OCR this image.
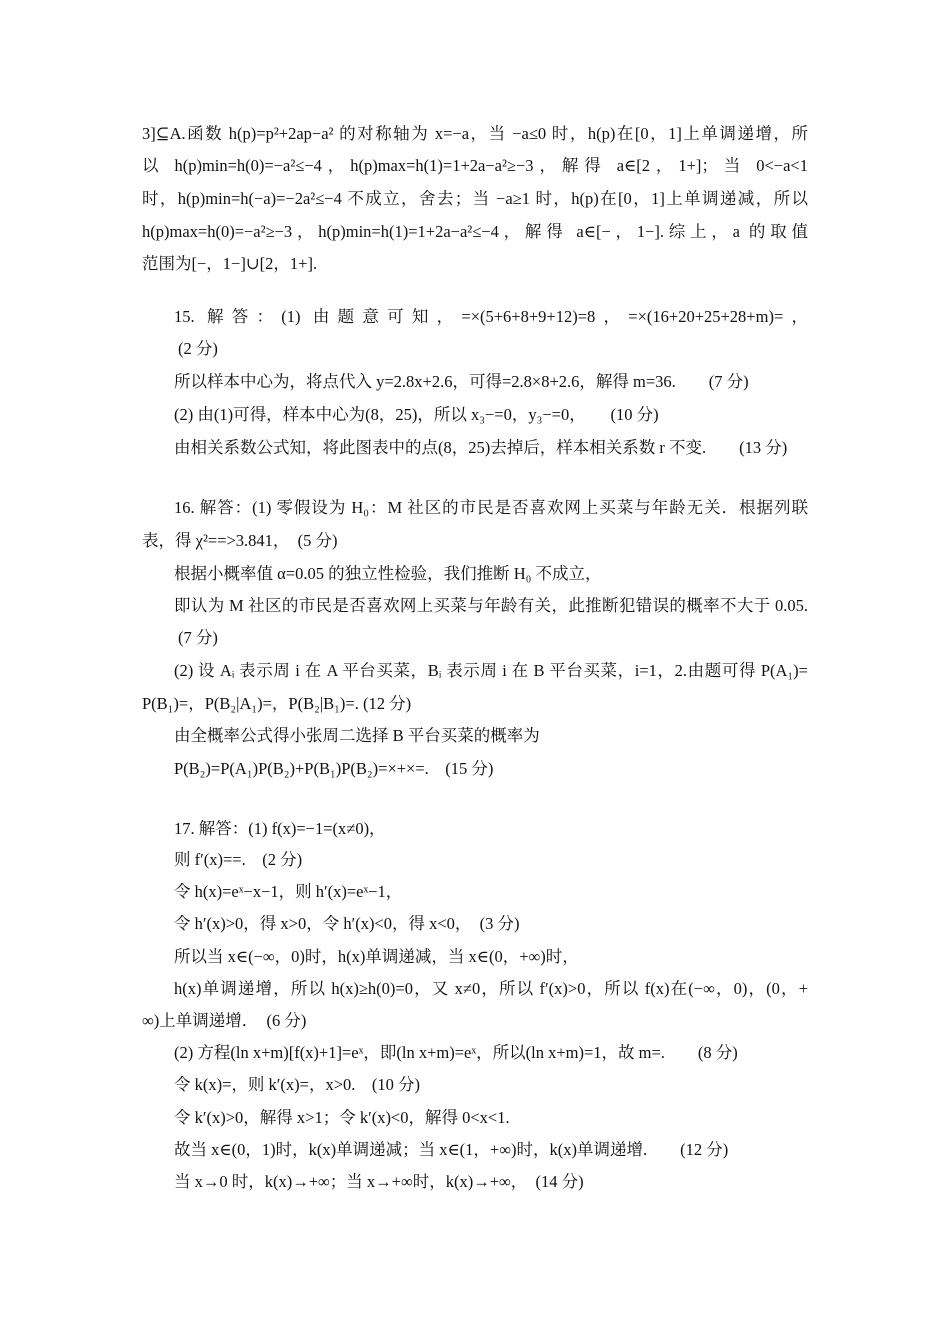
3]⊆A.函数 h(p)=p²+2ap−a² 的对称轴为 x=−a，当 −a≤0 时，h(p)在[0，1]上单调递增，所
以 h(p)min=h(0)=−a²≤−4，h(p)max=h(1)=1+2a−a²≥−3，解得 a∈[2，1+]；当 0<−a<1
时，h(p)min=h(−a)=−2a²≤−4 不成立，舍去；当 −a≥1 时，h(p)在[0，1]上单调递减，所以
h(p)max=h(0)=−a²≥−3，h(p)min=h(1)=1+2a−a²≤−4，解得 a∈[−，1−].综上，a 的取值
范围为[−，1−]∪[2，1+].
15. 解答：(1) 由题意可知，=×(5+6+8+9+12)=8，=×(16+20+25+28+m)=，
(2 分)
所以样本中心为，将点代入 y=2.8x+2.6，可得=2.8×8+2.6，解得 m=36.　　(7 分)
(2) 由(1)可得，样本中心为(8，25)，所以 x₃−=0，y₃−=0，　　(10 分)
由相关系数公式知，将此图表中的点(8，25)去掉后，样本相关系数 r 不变.　　(13 分)
16. 解答：(1) 零假设为 H₀：M 社区的市民是否喜欢网上买菜与年龄无关．根据列联
表，得 χ²==>3.841，　(5 分)
根据小概率值 α=0.05 的独立性检验，我们推断 H₀ 不成立，
即认为 M 社区的市民是否喜欢网上买菜与年龄有关，此推断犯错误的概率不大于 0.05.
(7 分)
(2) 设 Aᵢ 表示周 i 在 A 平台买菜，Bᵢ 表示周 i 在 B 平台买菜，i=1，2.由题可得 P(A₁)=
P(B₁)=，P(B₂|A₁)=，P(B₂|B₁)=. (12 分)
由全概率公式得小张周二选择 B 平台买菜的概率为
P(B₂)=P(A₁)P(B₂)+P(B₁)P(B₂)=×+×=.　(15 分)
17. 解答：(1) f(x)=−1=(x≠0)，
则 f′(x)==.　(2 分)
令 h(x)=eˣ−x−1，则 h′(x)=eˣ−1，
令 h′(x)>0，得 x>0，令 h′(x)<0，得 x<0，　(3 分)
所以当 x∈(−∞，0)时，h(x)单调递减，当 x∈(0，+∞)时，
h(x)单调递增，所以 h(x)≥h(0)=0，又 x≠0，所以 f′(x)>0，所以 f(x)在(−∞，0)，(0，+
∞)上单调递增．　(6 分)
(2) 方程(ln x+m)[f(x)+1]=eˣ，即(ln x+m)=eˣ，所以(ln x+m)=1，故 m=.　　(8 分)
令 k(x)=，则 k′(x)=，x>0.　(10 分)
令 k′(x)>0，解得 x>1；令 k′(x)<0，解得 0<x<1.
故当 x∈(0，1)时，k(x)单调递减；当 x∈(1，+∞)时，k(x)单调递增.　　(12 分)
当 x→0 时，k(x)→+∞；当 x→+∞时，k(x)→+∞，　(14 分)
